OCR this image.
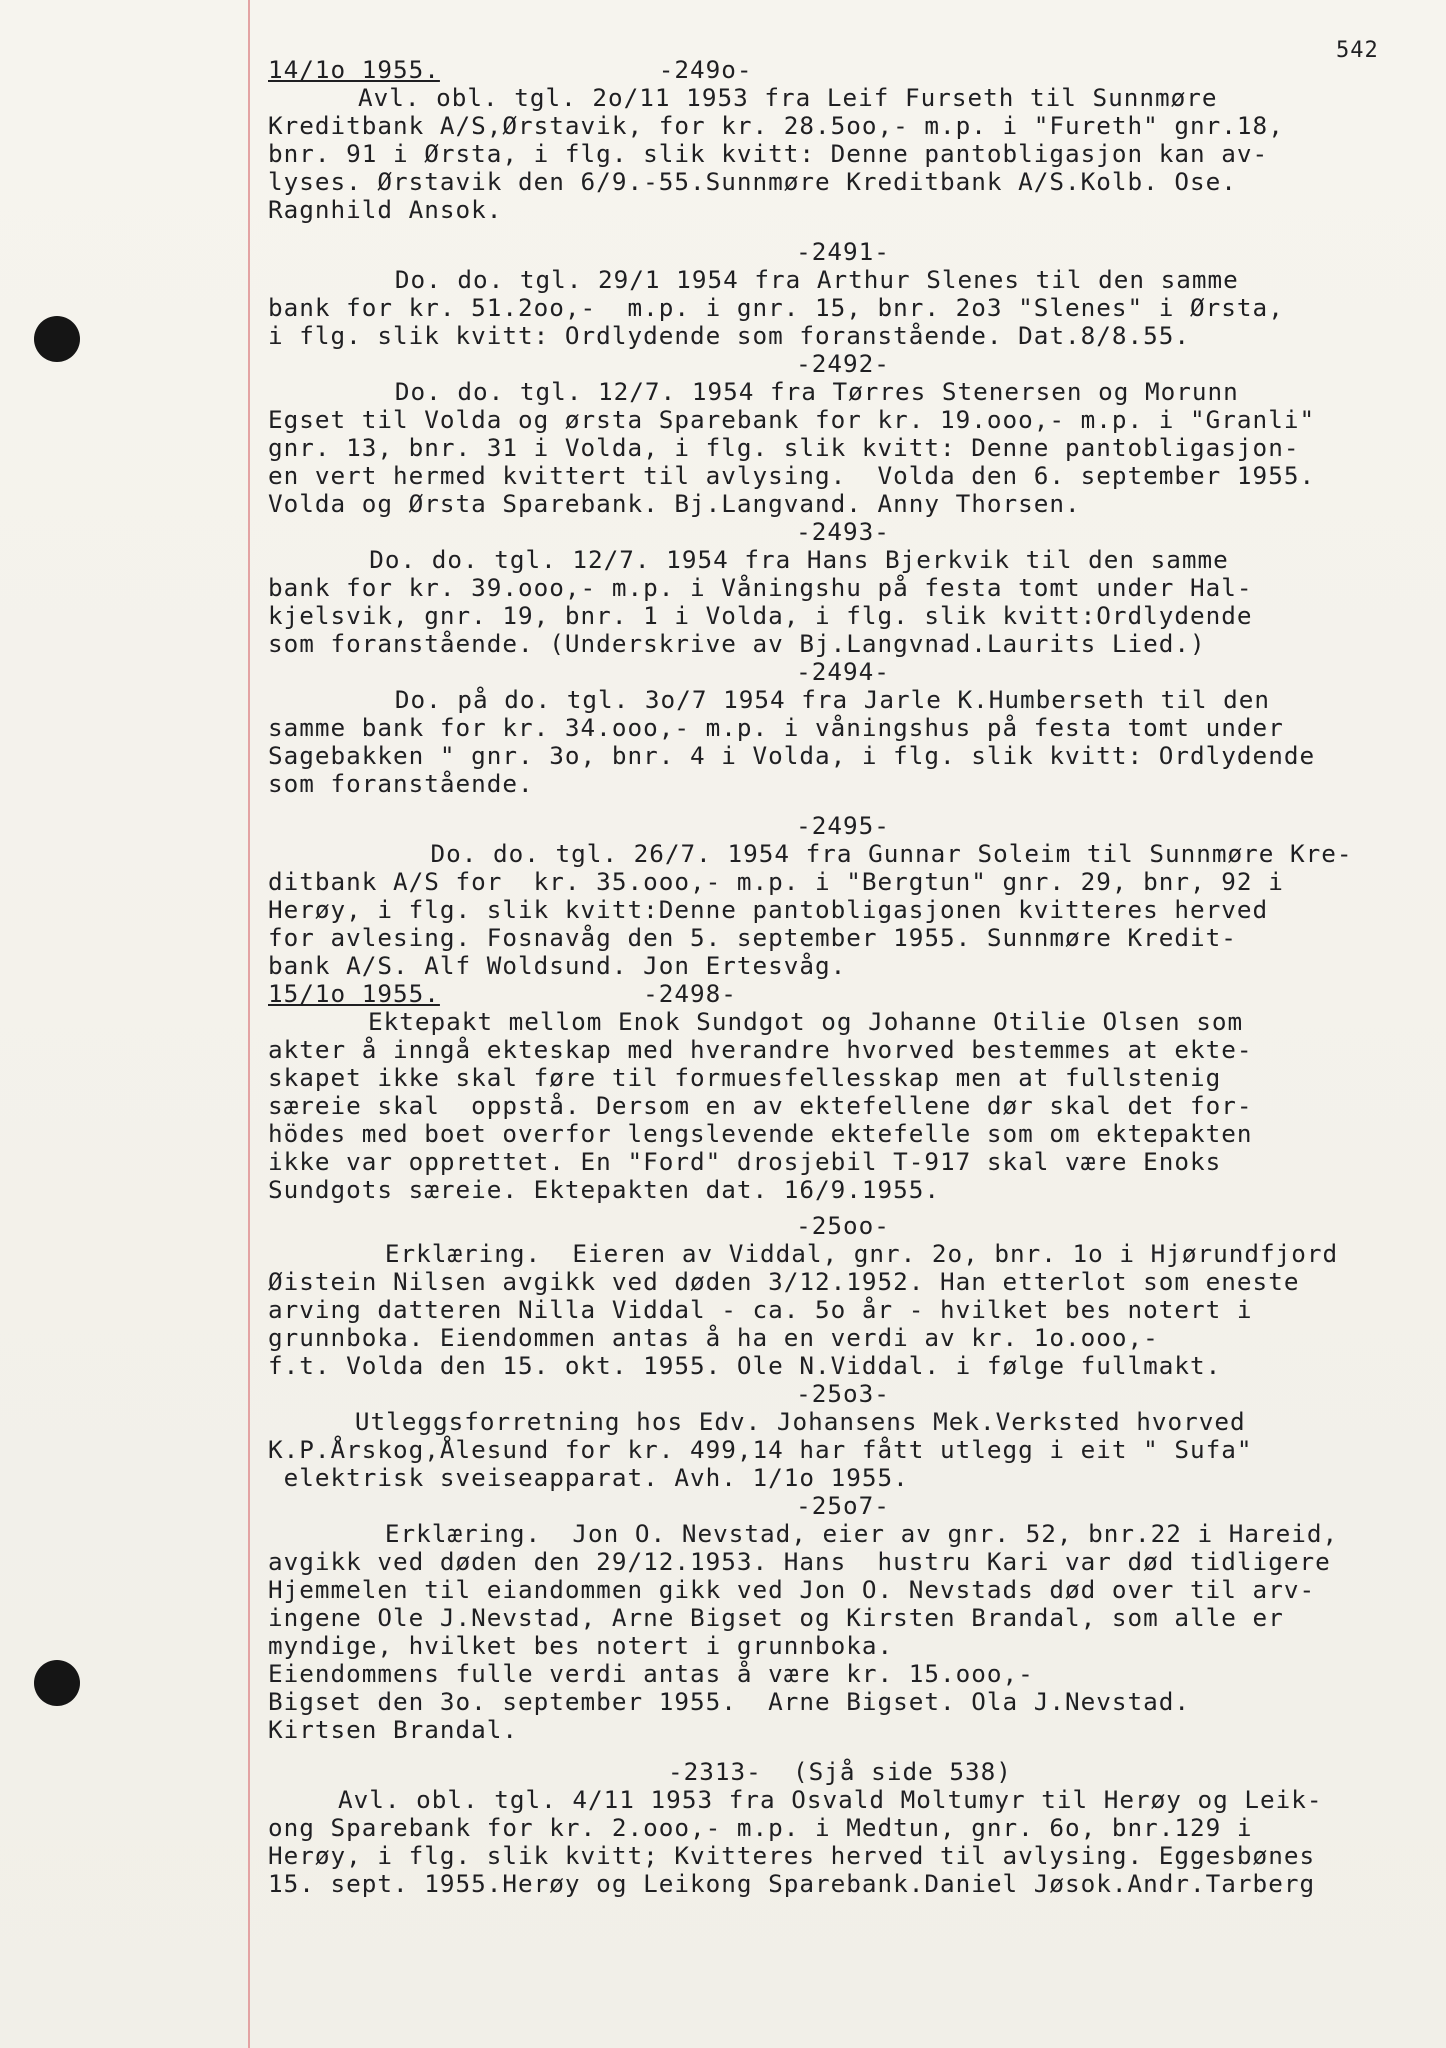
542
14/1o 1955.	-249o-
Avl. obl. tgl. 2o/11 1953 fra Leif Furseth til Sunnmøre
Kreditbank A/S,Ørstavik, for kr. 28.5oo,- m.p. i "Fureth" gnr.18,
bnr. 91 i Ørsta, i flg. slik kvitt: Denne pantobligasjon kan av-
lyses. Ørstavik den 6/9.-55.Sunnmøre Kreditbank A/S.Kolb. Ose.
Ragnhild Ansok.
-2491-
Do. do. tgl. 29/1 1954 fra Arthur Slenes til den samme
bank for kr. 51.2oo,-  m.p. i gnr. 15, bnr. 2o3 "Slenes" i Ørsta,
i flg. slik kvitt: Ordlydende som foranstående. Dat.8/8.55.
-2492-
Do. do. tgl. 12/7. 1954 fra Tørres Stenersen og Morunn
Egset til Volda og ørsta Sparebank for kr. 19.ooo,- m.p. i "Granli"
gnr. 13, bnr. 31 i Volda, i flg. slik kvitt: Denne pantobligasjon-
en vert hermed kvittert til avlysing.  Volda den 6. september 1955.
Volda og Ørsta Sparebank. Bj.Langvand. Anny Thorsen.
-2493-
Do. do. tgl. 12/7. 1954 fra Hans Bjerkvik til den samme
bank for kr. 39.ooo,- m.p. i Våningshu på festa tomt under Hal-
kjelsvik, gnr. 19, bnr. 1 i Volda, i flg. slik kvitt:Ordlydende
som foranstående. (Underskrive av Bj.Langvnad.Laurits Lied.)
-2494-
Do. på do. tgl. 3o/7 1954 fra Jarle K.Humberseth til den
samme bank for kr. 34.ooo,- m.p. i våningshus på festa tomt under
Sagebakken " gnr. 3o, bnr. 4 i Volda, i flg. slik kvitt: Ordlydende
som foranstående.
-2495-
Do. do. tgl. 26/7. 1954 fra Gunnar Soleim til Sunnmøre Kre-
ditbank A/S for  kr. 35.ooo,- m.p. i "Bergtun" gnr. 29, bnr, 92 i
Herøy, i flg. slik kvitt:Denne pantobligasjonen kvitteres herved
for avlesing. Fosnavåg den 5. september 1955. Sunnmøre Kredit-
bank A/S. Alf Woldsund. Jon Ertesvåg.
15/1o 1955.	-2498-
Ektepakt mellom Enok Sundgot og Johanne Otilie Olsen som
akter å inngå ekteskap med hverandre hvorved bestemmes at ekte-
skapet ikke skal føre til formuesfellesskap men at fullstenig
særeie skal  oppstå. Dersom en av ektefellene dør skal det for-
hödes med boet overfor lengslevende ektefelle som om ektepakten
ikke var opprettet. En "Ford" drosjebil T-917 skal være Enoks
Sundgots særeie. Ektepakten dat. 16/9.1955.
-25oo-
Erklæring.  Eieren av Viddal, gnr. 2o, bnr. 1o i Hjørundfjord
Øistein Nilsen avgikk ved døden 3/12.1952. Han etterlot som eneste
arving datteren Nilla Viddal - ca. 5o år - hvilket bes notert i
grunnboka. Eiendommen antas å ha en verdi av kr. 1o.ooo,-
f.t. Volda den 15. okt. 1955. Ole N.Viddal. i følge fullmakt.
-25o3-
Utleggsforretning hos Edv. Johansens Mek.Verksted hvorved
K.P.Årskog,Ålesund for kr. 499,14 har fått utlegg i eit " Sufa"
elektrisk sveiseapparat. Avh. 1/1o 1955.
-25o7-
Erklæring.  Jon O. Nevstad, eier av gnr. 52, bnr.22 i Hareid,
avgikk ved døden den 29/12.1953. Hans  hustru Kari var død tidligere
Hjemmelen til eiandommen gikk ved Jon O. Nevstads død over til arv-
ingene Ole J.Nevstad, Arne Bigset og Kirsten Brandal, som alle er
myndige, hvilket bes notert i grunnboka.
Eiendommens fulle verdi antas å være kr. 15.ooo,-
Bigset den 3o. september 1955.  Arne Bigset. Ola J.Nevstad.
Kirtsen Brandal.
-2313- (Sjå side 538)
Avl. obl. tgl. 4/11 1953 fra Osvald Moltumyr til Herøy og Leik-
ong Sparebank for kr. 2.ooo,- m.p. i Medtun, gnr. 6o, bnr.129 i
Herøy, i flg. slik kvitt; Kvitteres herved til avlysing. Eggesbønes
15. sept. 1955.Herøy og Leikong Sparebank.Daniel Jøsok.Andr.Tarberg
